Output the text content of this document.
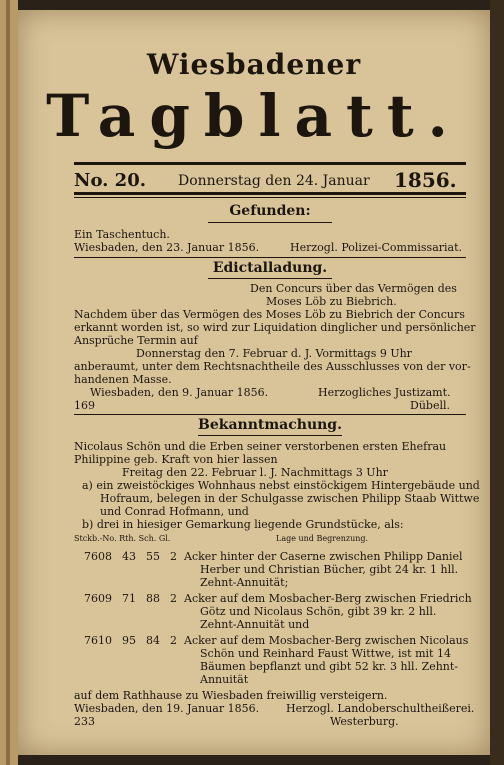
Wiesbadener
Tagblatt.
No. 20. Donnerstag den 24. Januar 1856.
Gefunden:
Ein Taschentuch.
Wiesbaden, den 23. Januar 1856.	Herzogl. Polizei-Commissariat.
Edictalladung.
Den Concurs über das Vermögen des
Moses Löb zu Biebrich.
Nachdem über das Vermögen des Moses Löb zu Biebrich der Concurs
erkannt worden ist, so wird zur Liquidation dinglicher und persönlicher
Ansprüche Termin auf
Donnerstag den 7. Februar d. J. Vormittags 9 Uhr
anberaumt, unter dem Rechtsnachtheile des Ausschlusses von der vor-
handenen Masse.
Wiesbaden, den 9. Januar 1856.	Herzogliches Justizamt.
169	Dübell.
Bekanntmachung.
Nicolaus Schön und die Erben seiner verstorbenen ersten Ehefrau
Philippine geb. Kraft von hier lassen
Freitag den 22. Februar l. J. Nachmittags 3 Uhr
a) ein zweistöckiges Wohnhaus nebst einstöckigem Hintergebäude und
Hofraum, belegen in der Schulgasse zwischen Philipp Staab Wittwe
und Conrad Hofmann, und
b) drei in hiesiger Gemarkung liegende Grundstücke, als:
Stckb.-No. Rth. Sch. Gl.	Lage und Begrenzung.
7608 43 55 2 Acker hinter der Caserne zwischen Philipp Daniel
Herber und Christian Bücher, gibt 24 kr. 1 hll.
Zehnt-Annuität;
7609 71 88 2 Acker auf dem Mosbacher-Berg zwischen Friedrich
Götz und Nicolaus Schön, gibt 39 kr. 2 hll.
Zehnt-Annuität und
7610 95 84 2 Acker auf dem Mosbacher-Berg zwischen Nicolaus
Schön und Reinhard Faust Wittwe, ist mit 14
Bäumen bepflanzt und gibt 52 kr. 3 hll. Zehnt-
Annuität
auf dem Rathhause zu Wiesbaden freiwillig versteigern.
Wiesbaden, den 19. Januar 1856. Herzogl. Landoberschultheißerei.
233	Westerburg.
